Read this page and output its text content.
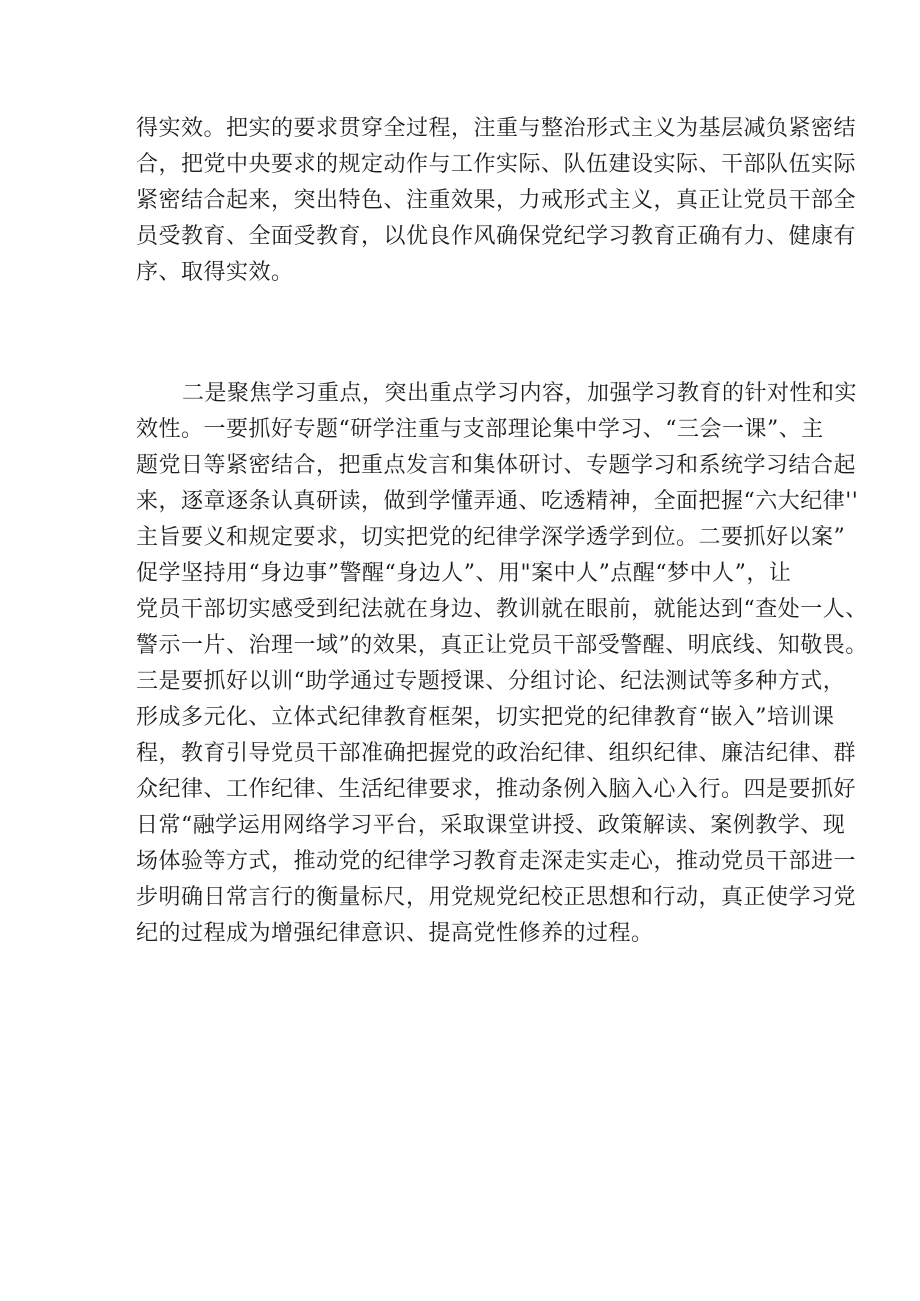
得实效。把实的要求贯穿全过程，注重与整治形式主义为基层减负紧密结
合，把党中央要求的规定动作与工作实际、队伍建设实际、干部队伍实际
紧密结合起来，突出特色、注重效果，力戒形式主义，真正让党员干部全
员受教育、全面受教育，以优良作风确保党纪学习教育正确有力、健康有
序、取得实效。
二是聚焦学习重点，突出重点学习内容，加强学习教育的针对性和实
效性。一要抓好专题“研学注重与支部理论集中学习、“三会一课”、主
题党日等紧密结合，把重点发言和集体研讨、专题学习和系统学习结合起
来，逐章逐条认真研读，做到学懂弄通、吃透精神，全面把握“六大纪律''
主旨要义和规定要求，切实把党的纪律学深学透学到位。二要抓好以案”
促学坚持用“身边事”警醒“身边人”、用"案中人”点醒“梦中人”，让
党员干部切实感受到纪法就在身边、教训就在眼前，就能达到“查处一人、
警示一片、治理一域”的效果，真正让党员干部受警醒、明底线、知敬畏。
三是要抓好以训“助学通过专题授课、分组讨论、纪法测试等多种方式，
形成多元化、立体式纪律教育框架，切实把党的纪律教育“嵌入”培训课
程，教育引导党员干部准确把握党的政治纪律、组织纪律、廉洁纪律、群
众纪律、工作纪律、生活纪律要求，推动条例入脑入心入行。四是要抓好
日常“融学运用网络学习平台，采取课堂讲授、政策解读、案例教学、现
场体验等方式，推动党的纪律学习教育走深走实走心，推动党员干部进一
步明确日常言行的衡量标尺，用党规党纪校正思想和行动，真正使学习党
纪的过程成为增强纪律意识、提高党性修养的过程。
